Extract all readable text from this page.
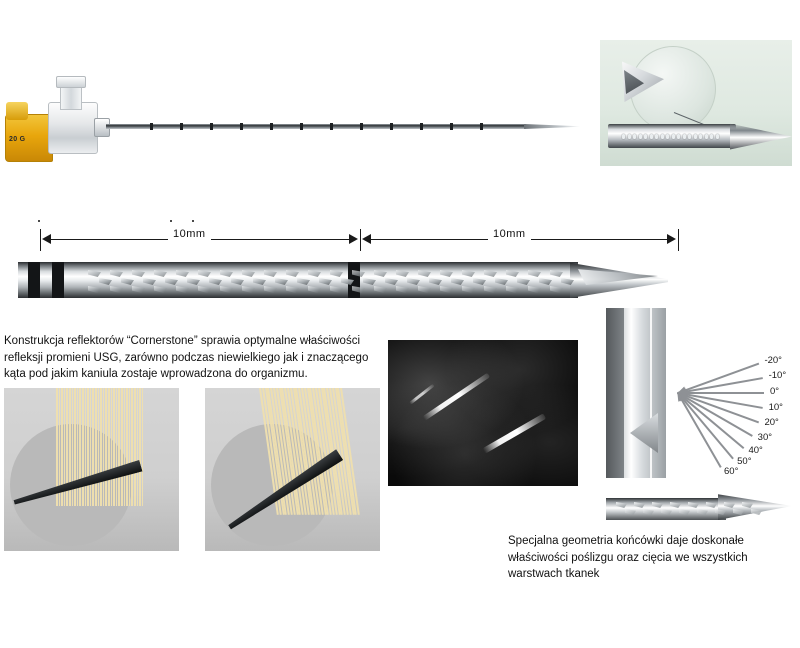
20 G
10mm	10mm
Konstrukcja reflektorów “Cornerstone” sprawia optymalne właściwości refleksji promieni USG, zarówno podczas niewielkiego jak i znaczącego kąta pod jakim kaniula zostaje wprowadzona do organizmu.
60°
50°
40°
30°
20°
10°
0°
-10°
-20°
Specjalna geometria końcówki daje doskonałe właściwości poślizgu oraz cięcia we wszystkich warstwach tkanek
